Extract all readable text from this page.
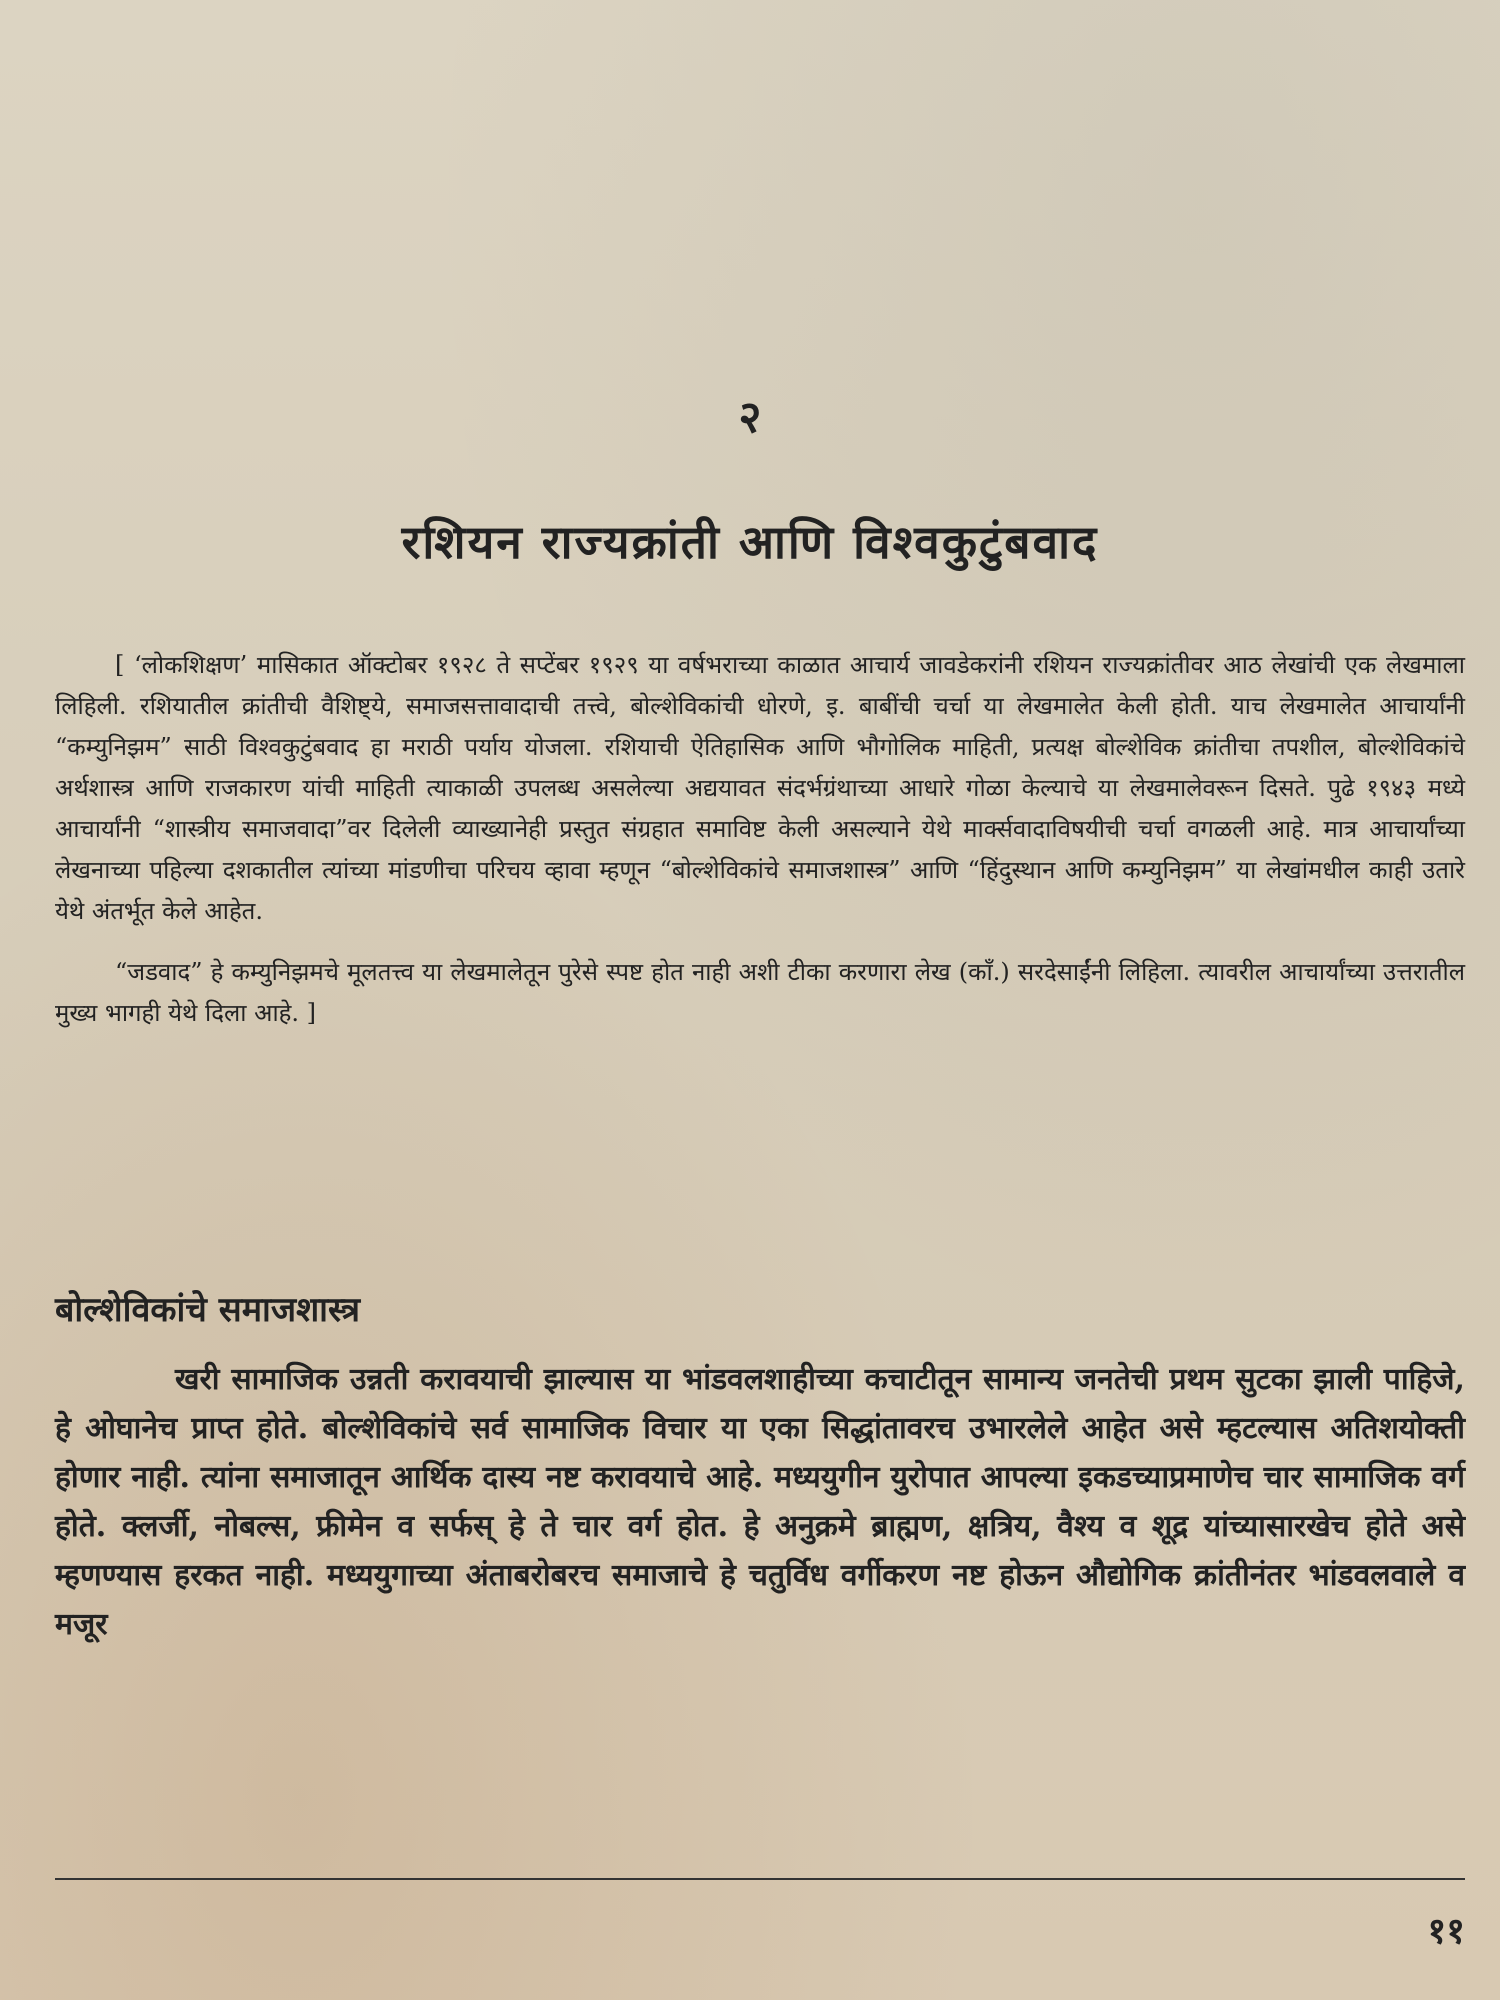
२
रशियन राज्यक्रांती आणि विश्वकुटुंबवाद

[ ‘लोकशिक्षण’ मासिकात ऑक्टोबर १९२८ ते सप्टेंबर १९२९ या वर्षभराच्या काळात आचार्य जावडेकरांनी रशियन राज्यक्रांतीवर आठ लेखांची एक लेखमाला लिहिली. रशियातील क्रांतीची वैशिष्ट्ये, समाजसत्तावादाची तत्त्वे, बोल्शेविकांची धोरणे, इ. बाबींची चर्चा या लेखमालेत केली होती. याच लेखमालेत आचार्यांनी “कम्युनिझम” साठी विश्वकुटुंबवाद हा मराठी पर्याय योजला. रशियाची ऐतिहासिक आणि भौगोलिक माहिती, प्रत्यक्ष बोल्शेविक क्रांतीचा तपशील, बोल्शेविकांचे अर्थशास्त्र आणि राजकारण यांची माहिती त्याकाळी उपलब्ध असलेल्या अद्ययावत संदर्भग्रंथाच्या आधारे गोळा केल्याचे या लेखमालेवरून दिसते. पुढे १९४३ मध्ये आचार्यांनी “शास्त्रीय समाजवादा”वर दिलेली व्याख्यानेही प्रस्तुत संग्रहात समाविष्ट केली असल्याने येथे मार्क्सवादाविषयीची चर्चा वगळली आहे. मात्र आचार्यांच्या लेखनाच्या पहिल्या दशकातील त्यांच्या मांडणीचा परिचय व्हावा म्हणून “बोल्शेविकांचे समाजशास्त्र” आणि “हिंदुस्थान आणि कम्युनिझम” या लेखांमधील काही उतारे येथे अंतर्भूत केले आहेत.

“जडवाद” हे कम्युनिझमचे मूलतत्त्व या लेखमालेतून पुरेसे स्पष्ट होत नाही अशी टीका करणारा लेख (कॉं.) सरदेसाईंनी लिहिला. त्यावरील आचार्यांच्या उत्तरातील मुख्य भागही येथे दिला आहे. ]

बोल्शेविकांचे समाजशास्त्र

खरी सामाजिक उन्नती करावयाची झाल्यास या भांडवलशाहीच्या कचाटीतून सामान्य जनतेची प्रथम सुटका झाली पाहिजे, हे ओघानेच प्राप्त होते. बोल्शेविकांचे सर्व सामाजिक विचार या एका सिद्धांतावरच उभारलेले आहेत असे म्हटल्यास अतिशयोक्ती होणार नाही. त्यांना समाजातून आर्थिक दास्य नष्ट करावयाचे आहे. मध्ययुगीन युरोपात आपल्या इकडच्याप्रमाणेच चार सामाजिक वर्ग होते. क्लर्जी, नोबल्स, फ्रीमेन व सर्फस् हे ते चार वर्ग होत. हे अनुक्रमे ब्राह्मण, क्षत्रिय, वैश्य व शूद्र यांच्यासारखेच होते असे म्हणण्यास हरकत नाही. मध्ययुगाच्या अंताबरोबरच समाजाचे हे चतुर्विध वर्गीकरण नष्ट होऊन औद्योगिक क्रांतीनंतर भांडवलवाले व मजूर

११
